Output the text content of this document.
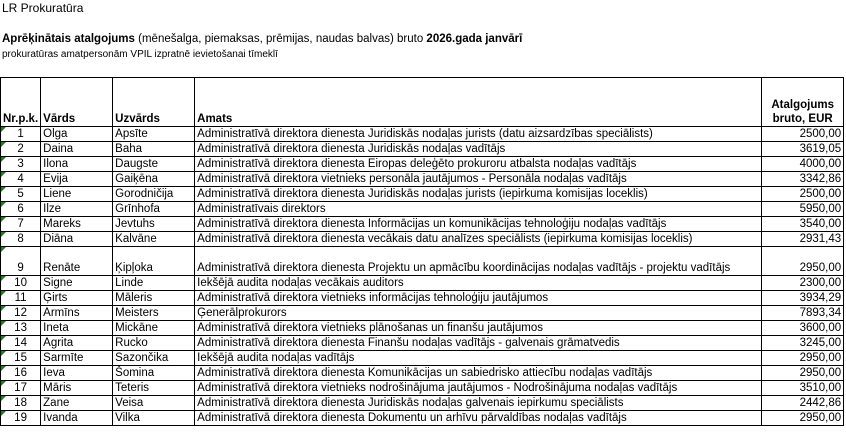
LR Prokuratūra
Aprēķinātais atalgojums (mēnešalga, piemaksas, prēmijas, naudas balvas) bruto 2026.gada janvārī
prokuratūras amatpersonām VPIL izpratnē ievietošanai tīmeklī
Nr.p.k.	Vārds	Uzvārds	Amats	Atalgojums bruto, EUR
1	Olga	Apsīte	Administratīvā direktora dienesta Juridiskās nodaļas jurists (datu aizsardzības speciālists)	2500,00
2	Daina	Baha	Administratīvā direktora dienesta Juridiskās nodaļas vadītājs	3619,05
3	Ilona	Daugste	Administratīvā direktora dienesta Eiropas deleģēto prokuroru atbalsta nodaļas vadītājs	4000,00
4	Evija	Gaiķēna	Administratīvā direktora vietnieks personāla jautājumos - Personāla nodaļas vadītājs	3342,86
5	Liene	Gorodničija	Administratīvā direktora dienesta Juridiskās nodaļas jurists (iepirkuma komisijas loceklis)	2500,00
6	Ilze	Grīnhofa	Administratīvais direktors	5950,00
7	Mareks	Jevtuhs	Administratīvā direktora dienesta Informācijas un komunikācijas tehnoloģiju nodaļas vadītājs	3540,00
8	Diāna	Kalvāne	Administratīvā direktora dienesta vecākais datu analīzes speciālists (iepirkuma komisijas loceklis)	2931,43
9	Renāte	Ķipļoka	Administratīvā direktora dienesta Projektu un apmācību koordinācijas nodaļas vadītājs - projektu vadītājs	2950,00
10	Signe	Linde	Iekšējā audita nodaļas vecākais auditors	2300,00
11	Ģirts	Māleris	Administratīvā direktora vietnieks informācijas tehnoloģiju jautājumos	3934,29
12	Armīns	Meisters	Ģenerālprokurors	7893,34
13	Ineta	Mickāne	Administratīvā direktora vietnieks plānošanas un finanšu jautājumos	3600,00
14	Agrita	Rucko	Administratīvā direktora dienesta Finanšu nodaļas vadītājs - galvenais grāmatvedis	3245,00
15	Sarmīte	Sazončika	Iekšējā audita nodaļas vadītājs	2950,00
16	Ieva	Šomina	Administratīvā direktora dienesta Komunikācijas un sabiedrisko attiecību nodaļas vadītājs	2950,00
17	Māris	Teteris	Administratīvā direktora vietnieks nodrošinājuma jautājumos - Nodrošinājuma nodaļas vadītājs	3510,00
18	Zane	Veisa	Administratīvā direktora dienesta Juridiskās nodaļas galvenais iepirkumu speciālists	2442,86
19	Ivanda	Vilka	Administratīvā direktora dienesta Dokumentu un arhīvu pārvaldības nodaļas vadītājs	2950,00
